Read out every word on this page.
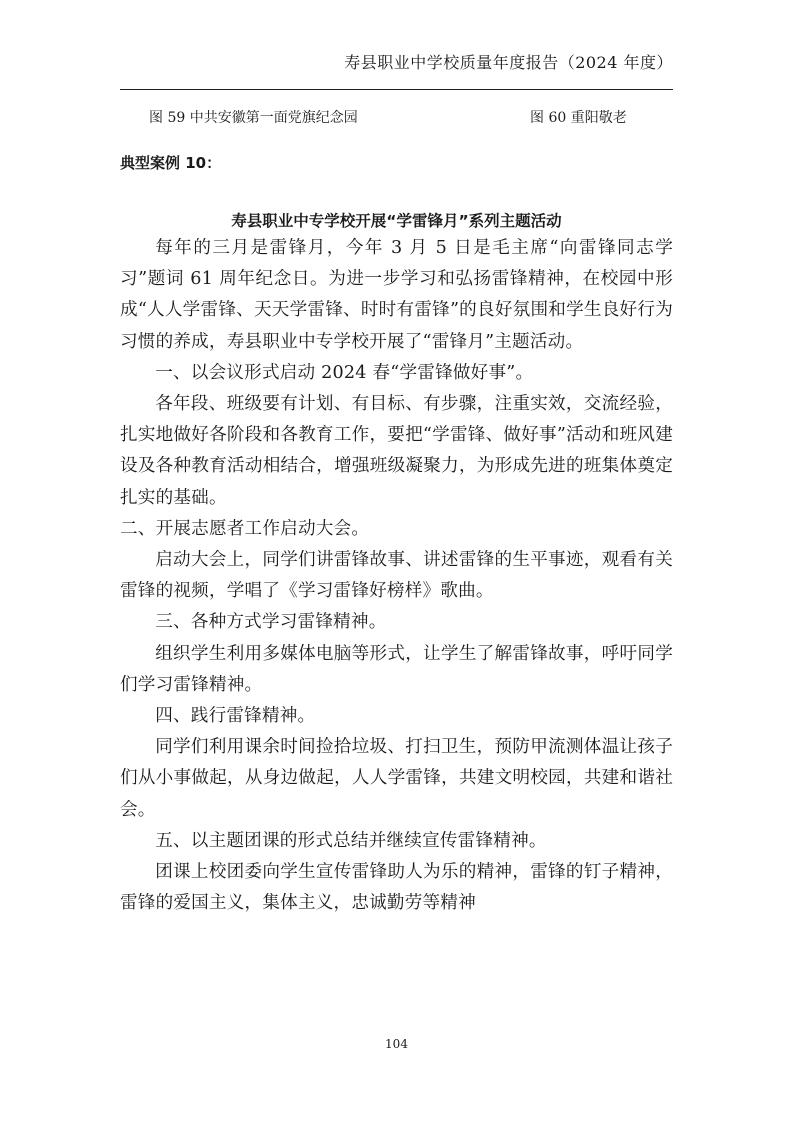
寿县职业中学校质量年度报告（2024 年度）
图 59 中共安徽第一面党旗纪念园	图 60 重阳敬老
典型案例 10：
寿县职业中专学校开展“学雷锋月”系列主题活动

每年的三月是雷锋月，今年 3 月 5 日是毛主席“向雷锋同志学习”题词 61 周年纪念日。为进一步学习和弘扬雷锋精神，在校园中形成“人人学雷锋、天天学雷锋、时时有雷锋”的良好氛围和学生良好行为习惯的养成，寿县职业中专学校开展了“雷锋月”主题活动。

一、以会议形式启动 2024 春“学雷锋做好事”。

各年段、班级要有计划、有目标、有步骤，注重实效，交流经验，扎实地做好各阶段和各教育工作，要把“学雷锋、做好事”活动和班风建设及各种教育活动相结合，增强班级凝聚力，为形成先进的班集体奠定扎实的基础。

二、开展志愿者工作启动大会。

启动大会上，同学们讲雷锋故事、讲述雷锋的生平事迹，观看有关雷锋的视频，学唱了《学习雷锋好榜样》歌曲。

三、各种方式学习雷锋精神。

组织学生利用多媒体电脑等形式，让学生了解雷锋故事，呼吁同学们学习雷锋精神。

四、践行雷锋精神。

同学们利用课余时间捡拾垃圾、打扫卫生，预防甲流测体温让孩子们从小事做起，从身边做起，人人学雷锋，共建文明校园，共建和谐社会。

五、以主题团课的形式总结并继续宣传雷锋精神。

团课上校团委向学生宣传雷锋助人为乐的精神，雷锋的钉子精神，雷锋的爱国主义，集体主义，忠诚勤劳等精神

104
